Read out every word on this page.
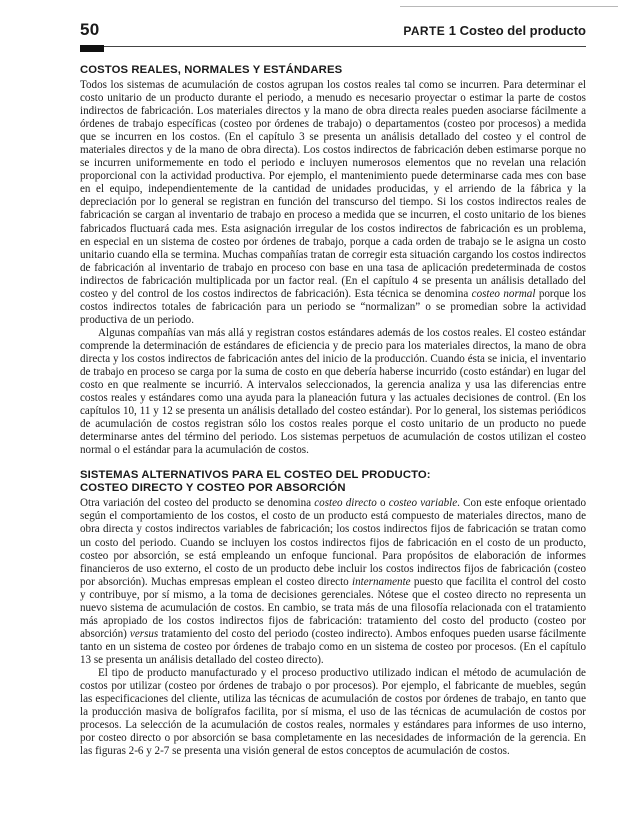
50	PARTE 1 Costeo del producto
COSTOS REALES, NORMALES Y ESTÁNDARES

Todos los sistemas de acumulación de costos agrupan los costos reales tal como se incurren. Para determinar el costo unitario de un producto durante el periodo, a menudo es necesario proyectar o estimar la parte de costos indirectos de fabricación. Los materiales directos y la mano de obra directa reales pueden asociarse fácilmente a órdenes de trabajo específicas (costeo por órdenes de trabajo) o departamentos (costeo por procesos) a medida que se incurren en los costos. (En el capítulo 3 se presenta un análisis detallado del costeo y el control de materiales directos y de la mano de obra directa). Los costos indirectos de fabricación deben estimarse porque no se incurren uniformemente en todo el periodo e incluyen numerosos elementos que no revelan una relación proporcional con la actividad productiva. Por ejemplo, el mantenimiento puede determinarse cada mes con base en el equipo, independientemente de la cantidad de unidades producidas, y el arriendo de la fábrica y la depreciación por lo general se registran en función del transcurso del tiempo. Si los costos indirectos reales de fabricación se cargan al inventario de trabajo en proceso a medida que se incurren, el costo unitario de los bienes fabricados fluctuará cada mes. Esta asignación irregular de los costos indirectos de fabricación es un problema, en especial en un sistema de costeo por órdenes de trabajo, porque a cada orden de trabajo se le asigna un costo unitario cuando ella se termina. Muchas compañías tratan de corregir esta situación cargando los costos indirectos de fabricación al inventario de trabajo en proceso con base en una tasa de aplicación predeterminada de costos indirectos de fabricación multiplicada por un factor real. (En el capítulo 4 se presenta un análisis detallado del costeo y del control de los costos indirectos de fabricación). Esta técnica se denomina costeo normal porque los costos indirectos totales de fabricación para un periodo se “normalizan” o se promedian sobre la actividad productiva de un periodo.

Algunas compañías van más allá y registran costos estándares además de los costos reales. El costeo estándar comprende la determinación de estándares de eficiencia y de precio para los materiales directos, la mano de obra directa y los costos indirectos de fabricación antes del inicio de la producción. Cuando ésta se inicia, el inventario de trabajo en proceso se carga por la suma de costo en que debería haberse incurrido (costo estándar) en lugar del costo en que realmente se incurrió. A intervalos seleccionados, la gerencia analiza y usa las diferencias entre costos reales y estándares como una ayuda para la planeación futura y las actuales decisiones de control. (En los capítulos 10, 11 y 12 se presenta un análisis detallado del costeo estándar). Por lo general, los sistemas periódicos de acumulación de costos registran sólo los costos reales porque el costo unitario de un producto no puede determinarse antes del término del periodo. Los sistemas perpetuos de acumulación de costos utilizan el costeo normal o el estándar para la acumulación de costos.

SISTEMAS ALTERNATIVOS PARA EL COSTEO DEL PRODUCTO:
COSTEO DIRECTO Y COSTEO POR ABSORCIÓN

Otra variación del costeo del producto se denomina costeo directo o costeo variable. Con este enfoque orientado según el comportamiento de los costos, el costo de un producto está compuesto de materiales directos, mano de obra directa y costos indirectos variables de fabricación; los costos indirectos fijos de fabricación se tratan como un costo del periodo. Cuando se incluyen los costos indirectos fijos de fabricación en el costo de un producto, costeo por absorción, se está empleando un enfoque funcional. Para propósitos de elaboración de informes financieros de uso externo, el costo de un producto debe incluir los costos indirectos fijos de fabricación (costeo por absorción). Muchas empresas emplean el costeo directo internamente puesto que facilita el control del costo y contribuye, por sí mismo, a la toma de decisiones gerenciales. Nótese que el costeo directo no representa un nuevo sistema de acumulación de costos. En cambio, se trata más de una filosofía relacionada con el tratamiento más apropiado de los costos indirectos fijos de fabricación: tratamiento del costo del producto (costeo por absorción) versus tratamiento del costo del periodo (costeo indirecto). Ambos enfoques pueden usarse fácilmente tanto en un sistema de costeo por órdenes de trabajo como en un sistema de costeo por procesos. (En el capítulo 13 se presenta un análisis detallado del costeo directo).

El tipo de producto manufacturado y el proceso productivo utilizado indican el método de acumulación de costos por utilizar (costeo por órdenes de trabajo o por procesos). Por ejemplo, el fabricante de muebles, según las especificaciones del cliente, utiliza las técnicas de acumulación de costos por órdenes de trabajo, en tanto que la producción masiva de bolígrafos facilita, por sí misma, el uso de las técnicas de acumulación de costos por procesos. La selección de la acumulación de costos reales, normales y estándares para informes de uso interno, por costeo directo o por absorción se basa completamente en las necesidades de información de la gerencia. En las figuras 2-6 y 2-7 se presenta una visión general de estos conceptos de acumulación de costos.
